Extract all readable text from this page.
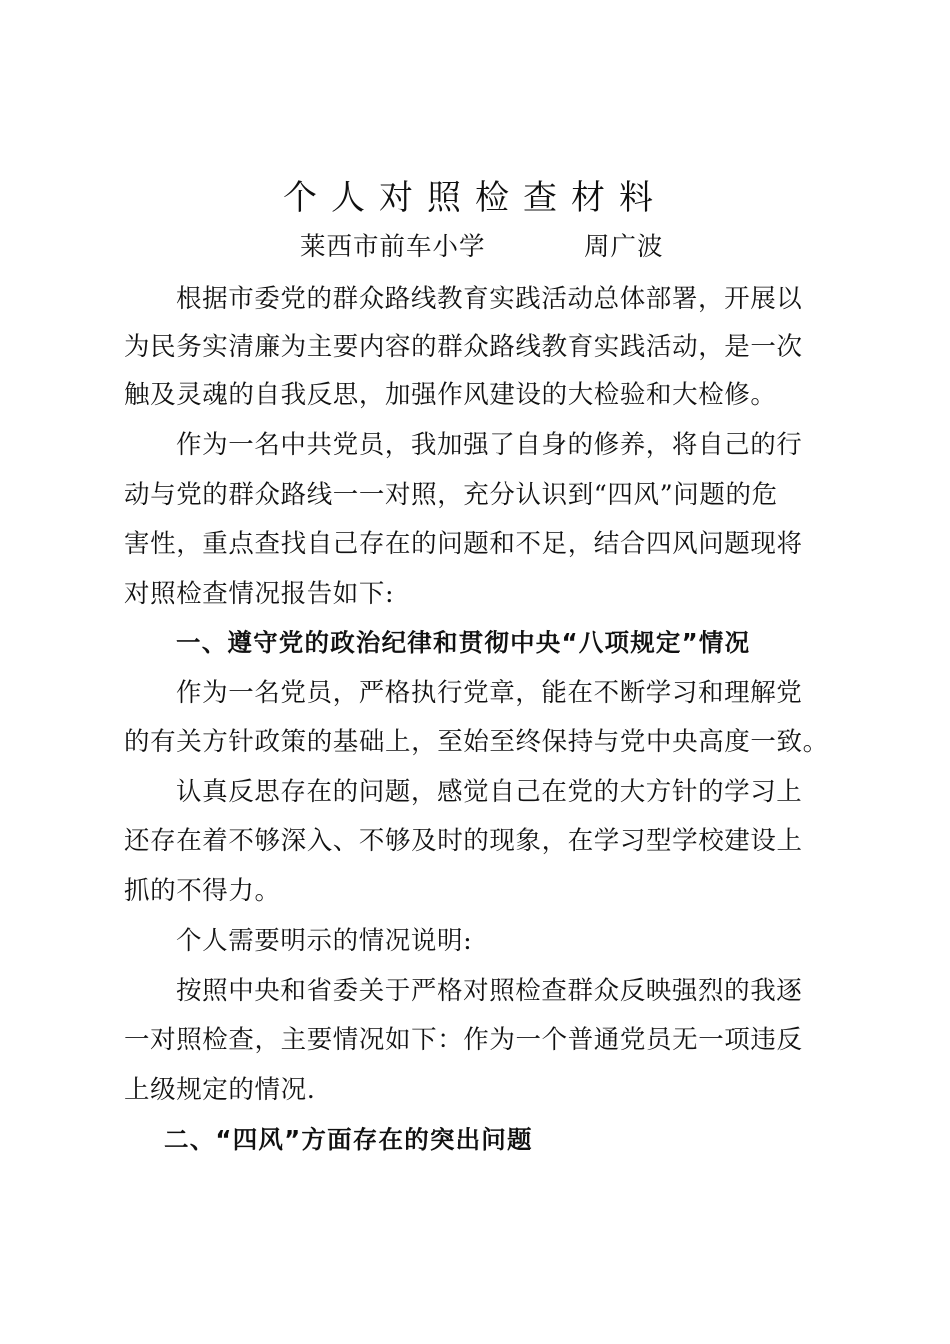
个人对照检查材料
莱西市前车小学	周广波
根据市委党的群众路线教育实践活动总体部署，开展以
为民务实清廉为主要内容的群众路线教育实践活动，是一次
触及灵魂的自我反思，加强作风建设的大检验和大检修。
作为一名中共党员，我加强了自身的修养，将自己的行
动与党的群众路线一一对照，充分认识到“四风”问题的危
害性，重点查找自己存在的问题和不足，结合四风问题现将
对照检查情况报告如下:
一、遵守党的政治纪律和贯彻中央“八项规定”情况
作为一名党员，严格执行党章，能在不断学习和理解党
的有关方针政策的基础上，至始至终保持与党中央高度一致。
认真反思存在的问题，感觉自己在党的大方针的学习上
还存在着不够深入、不够及时的现象，在学习型学校建设上
抓的不得力。
个人需要明示的情况说明:
按照中央和省委关于严格对照检查群众反映强烈的我逐
一对照检查，主要情况如下：作为一个普通党员无一项违反
上级规定的情况.
二、“四风”方面存在的突出问题
